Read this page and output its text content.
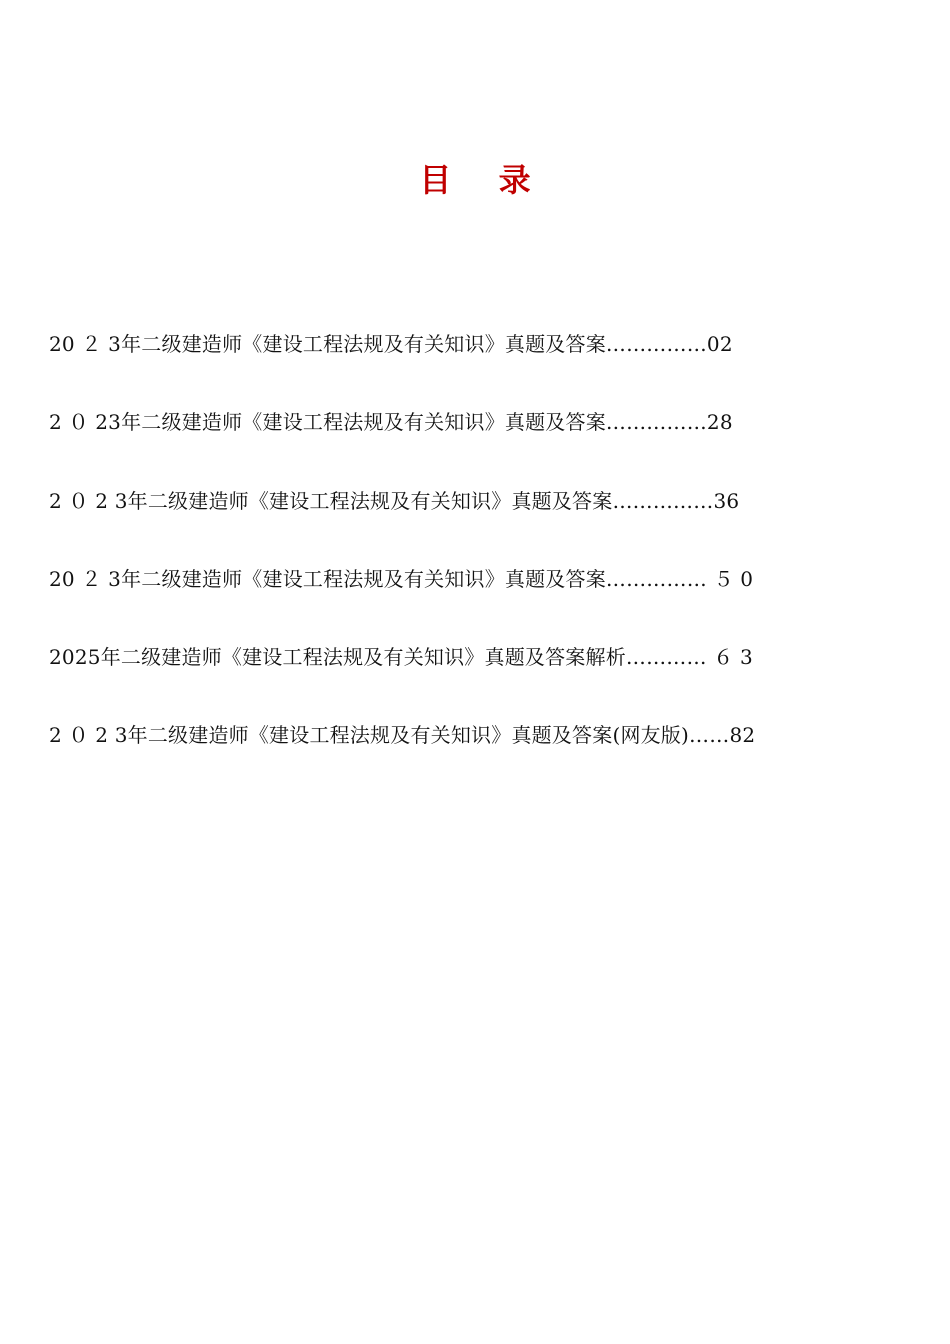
目 录
20 ２ 3年二级建造师《建设工程法规及有关知识》真题及答案……………02
2 ０ 23年二级建造师《建设工程法规及有关知识》真题及答案……………28
2 ０ 2 3年二级建造师《建设工程法规及有关知识》真题及答案……………36
20 ２ 3年二级建造师《建设工程法规及有关知识》真题及答案…………… ５ 0
2025年二级建造师《建设工程法规及有关知识》真题及答案解析………… ６ 3
2 ０ 2 3年二级建造师《建设工程法规及有关知识》真题及答案(网友版)……82
